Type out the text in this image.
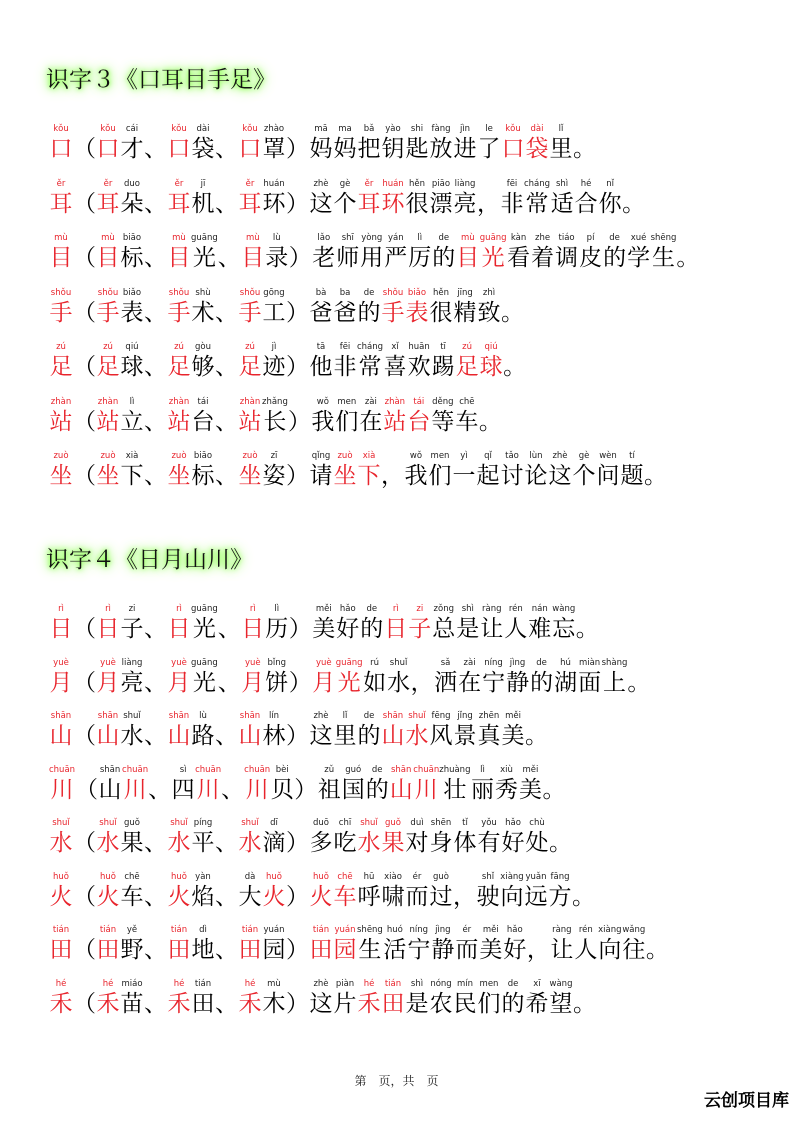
识字３《口耳目手足》
kǒu
口 （
kǒu
口
cái
才 、
kǒu
口
dài
袋 、
kǒu
口
zhào
罩 ）
mā
妈
ma
妈
bǎ
把
yào
钥
shi
匙
fàng
放
jìn
进
le
了
kǒu
口
dài
袋
lǐ
里 。
ěr
耳 （
ěr
耳
duo
朵 、
ěr
耳
jī
机 、
ěr
耳
huán
环 ）
zhè
这
gè
个
ěr
耳
huán
环
hěn
很
piāo
漂
liàng
亮 ，
fēi
非
cháng
常
shì
适
hé
合
nǐ
你 。
mù
目 （
mù
目
biāo
标 、
mù
目
guāng
光 、
mù
目
lù
录 ）
lǎo
老
shī
师
yòng
用
yán
严
lì
厉
de
的
mù
目
guāng
光
kàn
看
zhe
着
tiáo
调
pí
皮
de
的
xué
学
shēng
生 。
shǒu
手 （
shǒu
手
biǎo
表 、
shǒu
手
shù
术 、
shǒu
手
gōng
工 ）
bà
爸
ba
爸
de
的
shǒu
手
biǎo
表
hěn
很
jīng
精
zhì
致 。
zú
足 （
zú
足
qiú
球 、
zú
足
gòu
够 、
zú
足
jì
迹 ）
tā
他
fēi
非
cháng
常
xǐ
喜
huān
欢
tī
踢
zú
足
qiú
球 。
zhàn
站 （
zhàn
站
lì
立 、
zhàn
站
tái
台 、
zhàn
站
zhǎng
长 ）
wǒ
我
men
们
zài
在
zhàn
站
tái
台
děng
等
chē
车 。
zuò
坐 （
zuò
坐
xià
下 、
zuò
坐
biāo
标 、
zuò
坐
zī
姿 ）
qǐng
请
zuò
坐
xià
下 ，
wǒ
我
men
们
yì
一
qǐ
起
tǎo
讨
lùn
论
zhè
这
gè
个
wèn
问
tí
题 。
识字４《日月山川》
rì
日 （
rì
日
zi
子 、
rì
日
guāng
光 、
rì
日
lì
历 ）
měi
美
hǎo
好
de
的
rì
日
zi
子
zǒng
总
shì
是
ràng
让
rén
人
nán
难
wàng
忘 。
yuè
月 （
yuè
月
liàng
亮 、
yuè
月
guāng
光 、
yuè
月
bǐng
饼 ）
yuè
月
guāng
光
rú
如
shuǐ
水 ，
sǎ
洒
zài
在
níng
宁
jìng
静
de
的
hú
湖
miàn
面
shàng
上 。
shān
山 （
shān
山
shuǐ
水 、
shān
山
lù
路 、
shān
山
lín
林 ）
zhè
这
lǐ
里
de
的
shān
山
shuǐ
水
fēng
风
jǐng
景
zhēn
真
měi
美 。
chuān
川 （
shān
山
chuān
川 、
sì
四
chuān
川 、
chuān
川
bèi
贝 ）
zǔ
祖
guó
国
de
的
shān
山
chuān
川
zhuàng
壮
lì
丽
xiù
秀
měi
美 。
shuǐ
水 （
shuǐ
水
guǒ
果 、
shuǐ
水
píng
平 、
shuǐ
水
dī
滴 ）
duō
多
chī
吃
shuǐ
水
guǒ
果
duì
对
shēn
身
tǐ
体
yǒu
有
hǎo
好
chù
处 。
huǒ
火 （
huǒ
火
chē
车 、
huǒ
火
yàn
焰 、
dà
大
huǒ
火 ）
huǒ
火
chē
车
hū
呼
xiào
啸
ér
而
guò
过 ，
shǐ
驶
xiàng
向
yuǎn
远
fāng
方 。
tián
田 （
tián
田
yě
野 、
tián
田
dì
地 、
tián
田
yuán
园 ）
tián
田
yuán
园
shēng
生
huó
活
níng
宁
jìng
静
ér
而
měi
美
hǎo
好 ，
ràng
让
rén
人
xiàng
向
wǎng
往 。
hé
禾 （
hé
禾
miáo
苗 、
hé
禾
tián
田 、
hé
禾
mù
木 ）
zhè
这
piàn
片
hé
禾
tián
田
shì
是
nóng
农
mín
民
men
们
de
的
xī
希
wàng
望 。
第　页，共　页
云创项目库
